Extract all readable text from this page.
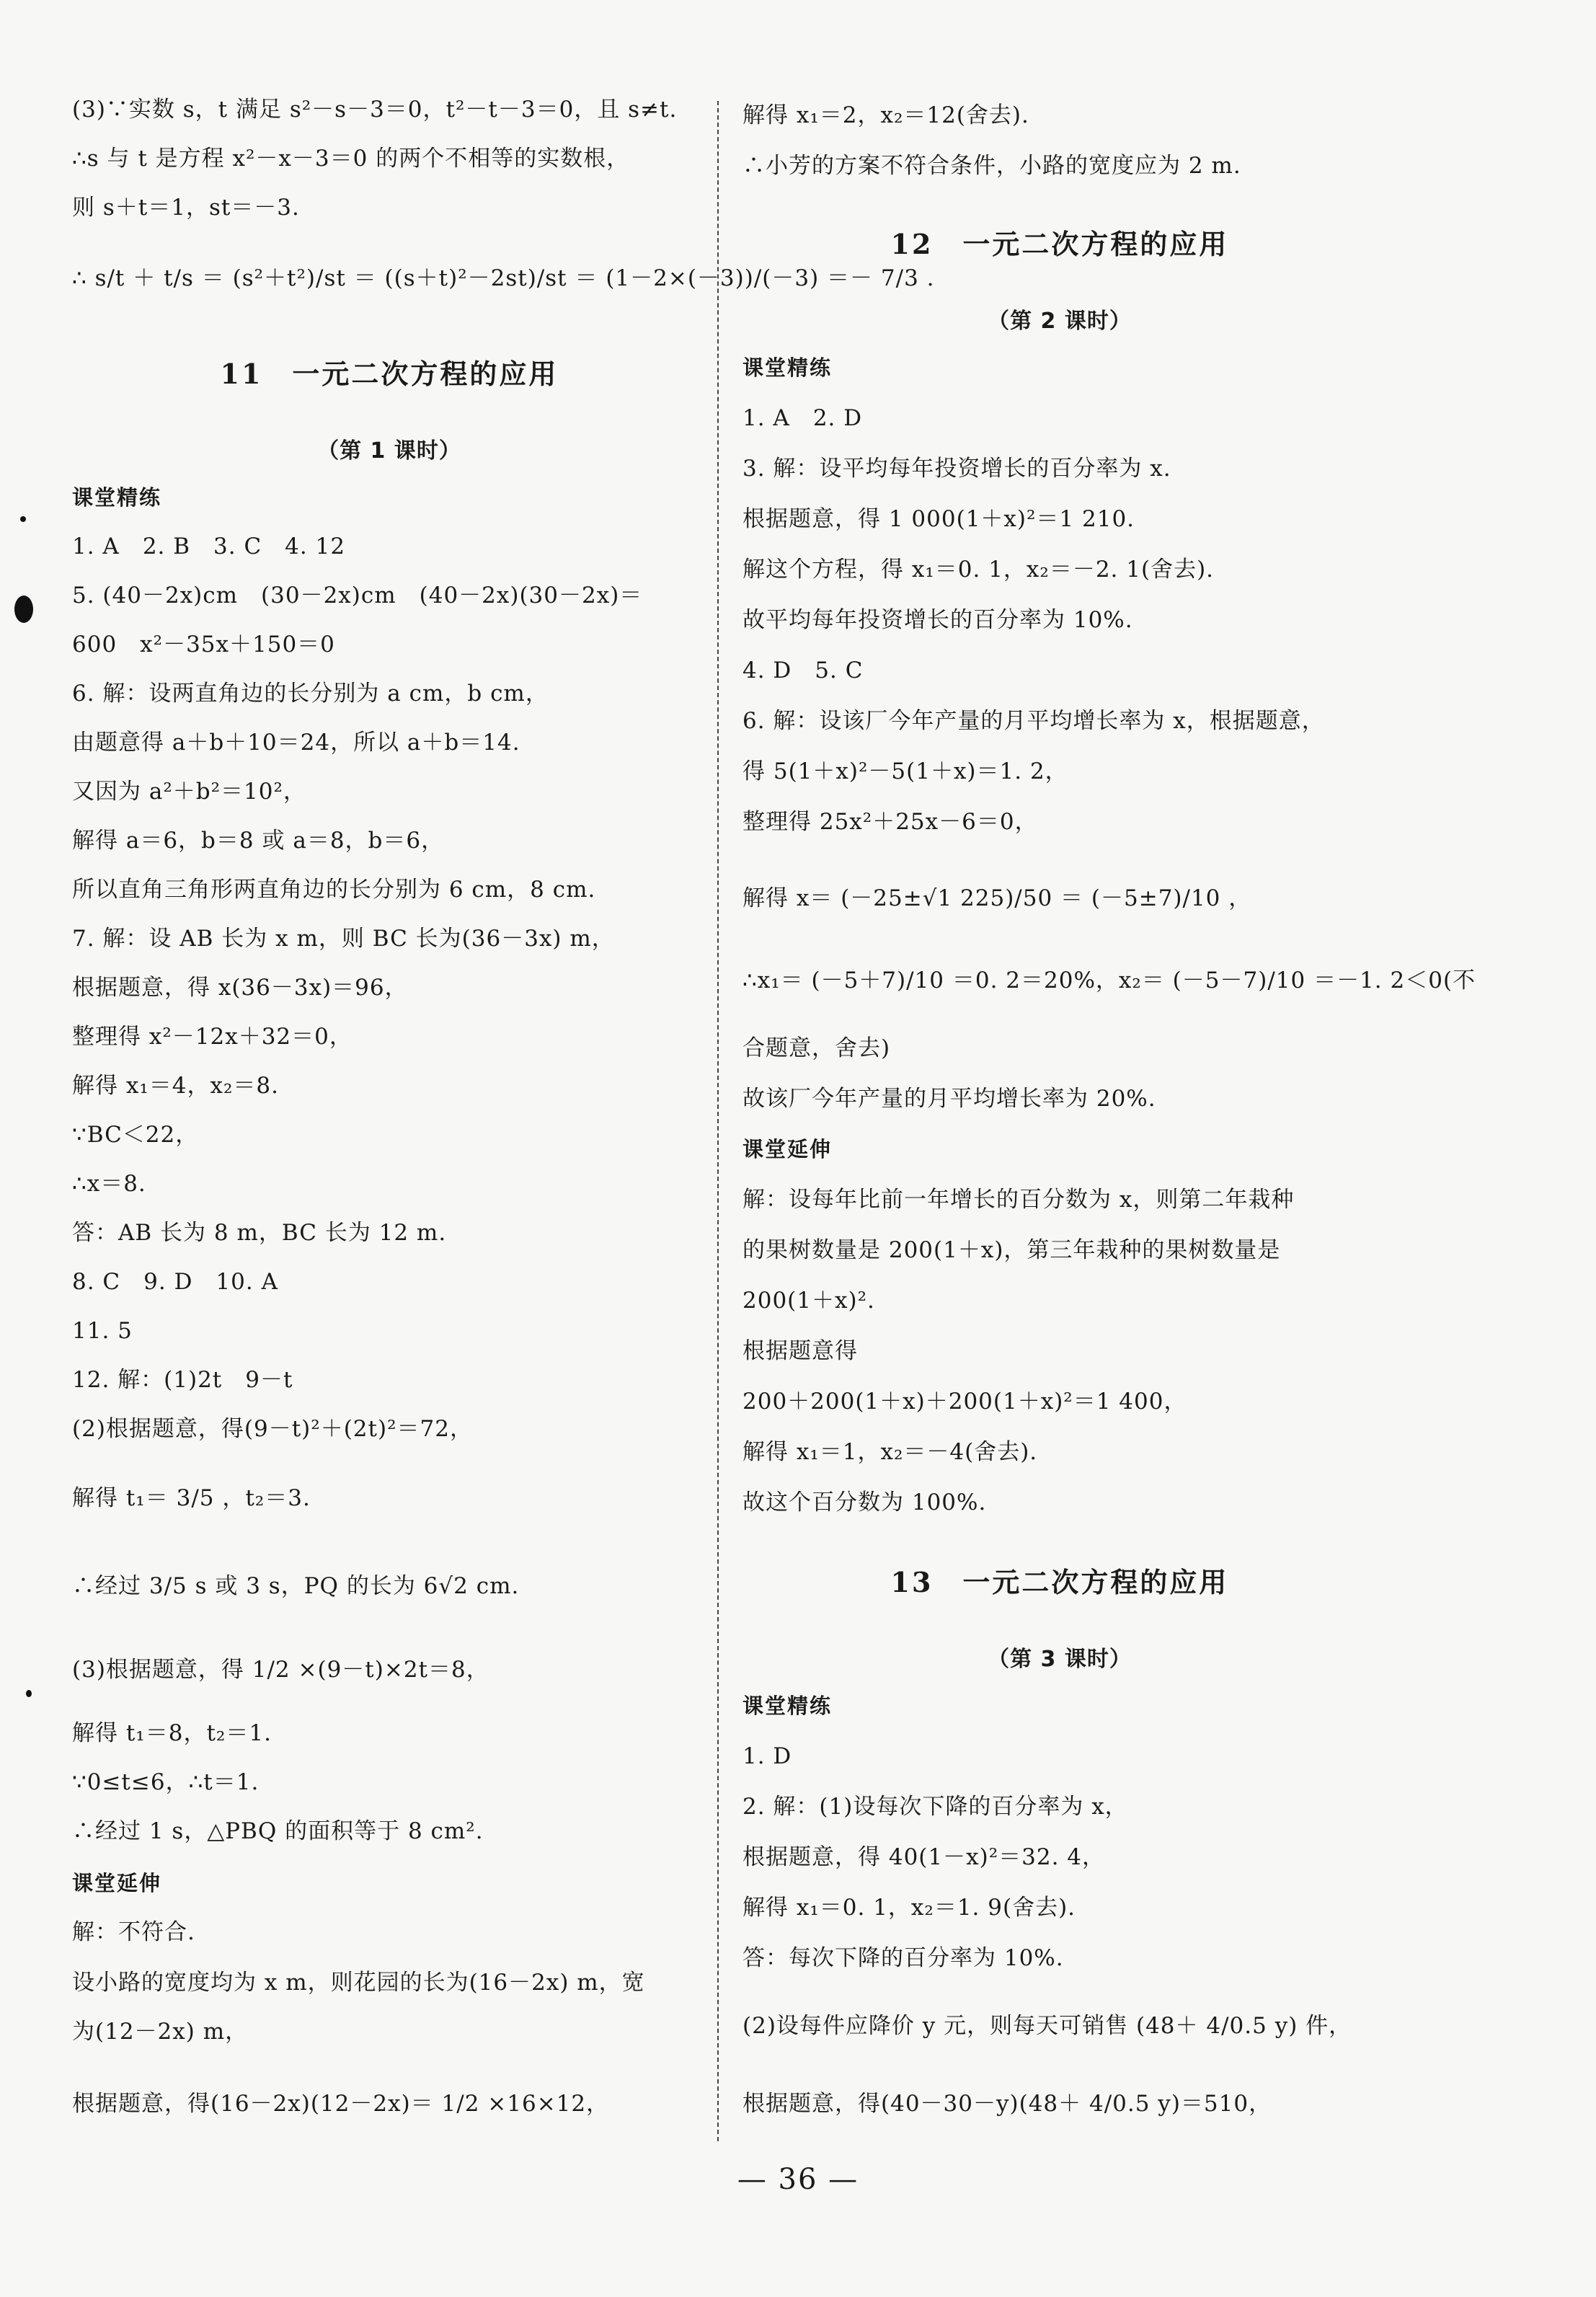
(3)∵实数 s，t 满足 s²－s－3＝0，t²－t－3＝0，且 s≠t.
∴s 与 t 是方程 x²－x－3＝0 的两个不相等的实数根，
则 s＋t＝1，st＝－3.
∴ s/t ＋ t/s ＝ (s²＋t²)/st ＝ ((s＋t)²－2st)/st ＝ (1－2×(－3))/(－3) ＝－ 7/3 .
11　一元二次方程的应用
（第 1 课时）
课堂精练
1. A　2. B　3. C　4. 12
5. (40－2x)cm　(30－2x)cm　(40－2x)(30－2x)＝
600　x²－35x＋150＝0
6. 解：设两直角边的长分别为 a cm，b cm，
由题意得 a＋b＋10＝24，所以 a＋b＝14.
又因为 a²＋b²＝10²，
解得 a＝6，b＝8 或 a＝8，b＝6，
所以直角三角形两直角边的长分别为 6 cm，8 cm.
7. 解：设 AB 长为 x m，则 BC 长为(36－3x) m，
根据题意，得 x(36－3x)＝96，
整理得 x²－12x＋32＝0，
解得 x₁＝4，x₂＝8.
∵BC＜22，
∴x＝8.
答：AB 长为 8 m，BC 长为 12 m.
8. C　9. D　10. A
11. 5
12. 解：(1)2t　9－t
(2)根据题意，得(9－t)²＋(2t)²＝72，
解得 t₁＝ 3/5 ，t₂＝3.
∴经过 3/5 s 或 3 s，PQ 的长为 6√2 cm.
(3)根据题意，得 1/2 ×(9－t)×2t＝8，
解得 t₁＝8，t₂＝1.
∵0≤t≤6，∴t＝1.
∴经过 1 s，△PBQ 的面积等于 8 cm².
课堂延伸
解：不符合.
设小路的宽度均为 x m，则花园的长为(16－2x) m，宽
为(12－2x) m，
根据题意，得(16－2x)(12－2x)＝ 1/2 ×16×12，
解得 x₁＝2，x₂＝12(舍去).
∴小芳的方案不符合条件，小路的宽度应为 2 m.
12　一元二次方程的应用
（第 2 课时）
课堂精练
1. A　2. D
3. 解：设平均每年投资增长的百分率为 x.
根据题意，得 1 000(1＋x)²＝1 210.
解这个方程，得 x₁＝0. 1，x₂＝－2. 1(舍去).
故平均每年投资增长的百分率为 10%.
4. D　5. C
6. 解：设该厂今年产量的月平均增长率为 x，根据题意，
得 5(1＋x)²－5(1＋x)＝1. 2，
整理得 25x²＋25x－6＝0，
解得 x＝ (－25±√1 225)/50 ＝ (－5±7)/10 ，
∴x₁＝ (－5＋7)/10 ＝0. 2＝20%，x₂＝ (－5－7)/10 ＝－1. 2＜0(不
合题意，舍去)
故该厂今年产量的月平均增长率为 20%.
课堂延伸
解：设每年比前一年增长的百分数为 x，则第二年栽种
的果树数量是 200(1＋x)，第三年栽种的果树数量是
200(1＋x)².
根据题意得
200＋200(1＋x)＋200(1＋x)²＝1 400，
解得 x₁＝1，x₂＝－4(舍去).
故这个百分数为 100%.
13　一元二次方程的应用
（第 3 课时）
课堂精练
1. D
2. 解：(1)设每次下降的百分率为 x，
根据题意，得 40(1－x)²＝32. 4，
解得 x₁＝0. 1，x₂＝1. 9(舍去).
答：每次下降的百分率为 10%.
(2)设每件应降价 y 元，则每天可销售 (48＋ 4/0.5 y) 件，
根据题意，得(40－30－y)(48＋ 4/0.5 y)＝510，
— 36 —
